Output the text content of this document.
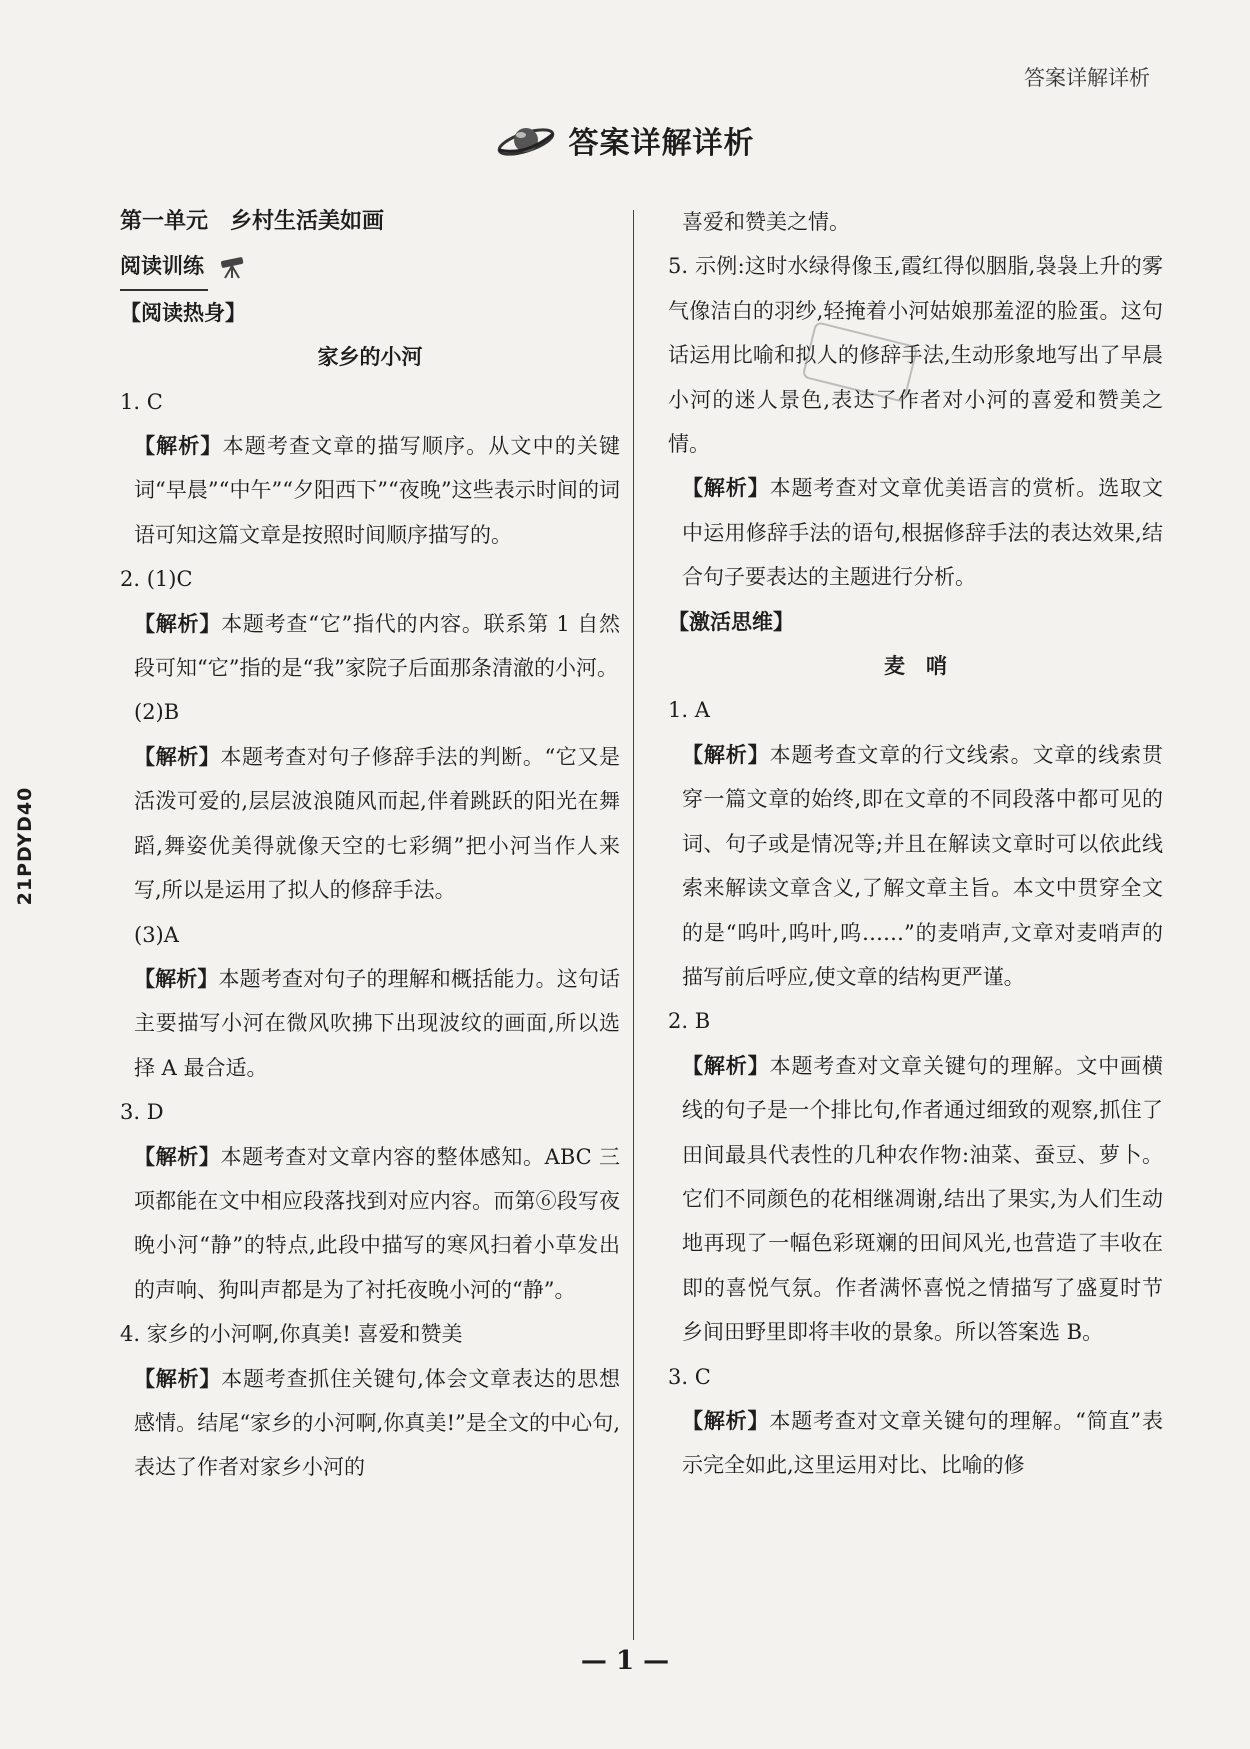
答案详解详析
21PDYD40
答案详解详析

第一单元　乡村生活美如画

阅读训练

【阅读热身】

家乡的小河

1. C

【解析】本题考查文章的描写顺序。从文中的关键词“早晨”“中午”“夕阳西下”“夜晚”这些表示时间的词语可知这篇文章是按照时间顺序描写的。

2. (1)C

【解析】本题考查“它”指代的内容。联系第 1 自然段可知“它”指的是“我”家院子后面那条清澈的小河。

(2)B

【解析】本题考查对句子修辞手法的判断。“它又是活泼可爱的,层层波浪随风而起,伴着跳跃的阳光在舞蹈,舞姿优美得就像天空的七彩绸”把小河当作人来写,所以是运用了拟人的修辞手法。

(3)A

【解析】本题考查对句子的理解和概括能力。这句话主要描写小河在微风吹拂下出现波纹的画面,所以选择 A 最合适。

3. D

【解析】本题考查对文章内容的整体感知。ABC 三项都能在文中相应段落找到对应内容。而第⑥段写夜晚小河“静”的特点,此段中描写的寒风扫着小草发出的声响、狗叫声都是为了衬托夜晚小河的“静”。

4. 家乡的小河啊,你真美! 喜爱和赞美

【解析】本题考查抓住关键句,体会文章表达的思想感情。结尾“家乡的小河啊,你真美!”是全文的中心句,表达了作者对家乡小河的

喜爱和赞美之情。

5. 示例:这时水绿得像玉,霞红得似胭脂,袅袅上升的雾气像洁白的羽纱,轻掩着小河姑娘那羞涩的脸蛋。这句话运用比喻和拟人的修辞手法,生动形象地写出了早晨小河的迷人景色,表达了作者对小河的喜爱和赞美之情。

【解析】本题考查对文章优美语言的赏析。选取文中运用修辞手法的语句,根据修辞手法的表达效果,结合句子要表达的主题进行分析。

【激活思维】

麦　哨

1. A

【解析】本题考查文章的行文线索。文章的线索贯穿一篇文章的始终,即在文章的不同段落中都可见的词、句子或是情况等;并且在解读文章时可以依此线索来解读文章含义,了解文章主旨。本文中贯穿全文的是“呜叶,呜叶,呜……”的麦哨声,文章对麦哨声的描写前后呼应,使文章的结构更严谨。

2. B

【解析】本题考查对文章关键句的理解。文中画横线的句子是一个排比句,作者通过细致的观察,抓住了田间最具代表性的几种农作物:油菜、蚕豆、萝卜。它们不同颜色的花相继凋谢,结出了果实,为人们生动地再现了一幅色彩斑斓的田间风光,也营造了丰收在即的喜悦气氛。作者满怀喜悦之情描写了盛夏时节乡间田野里即将丰收的景象。所以答案选 B。

3. C

【解析】本题考查对文章关键句的理解。“简直”表示完全如此,这里运用对比、比喻的修

— 1 —
